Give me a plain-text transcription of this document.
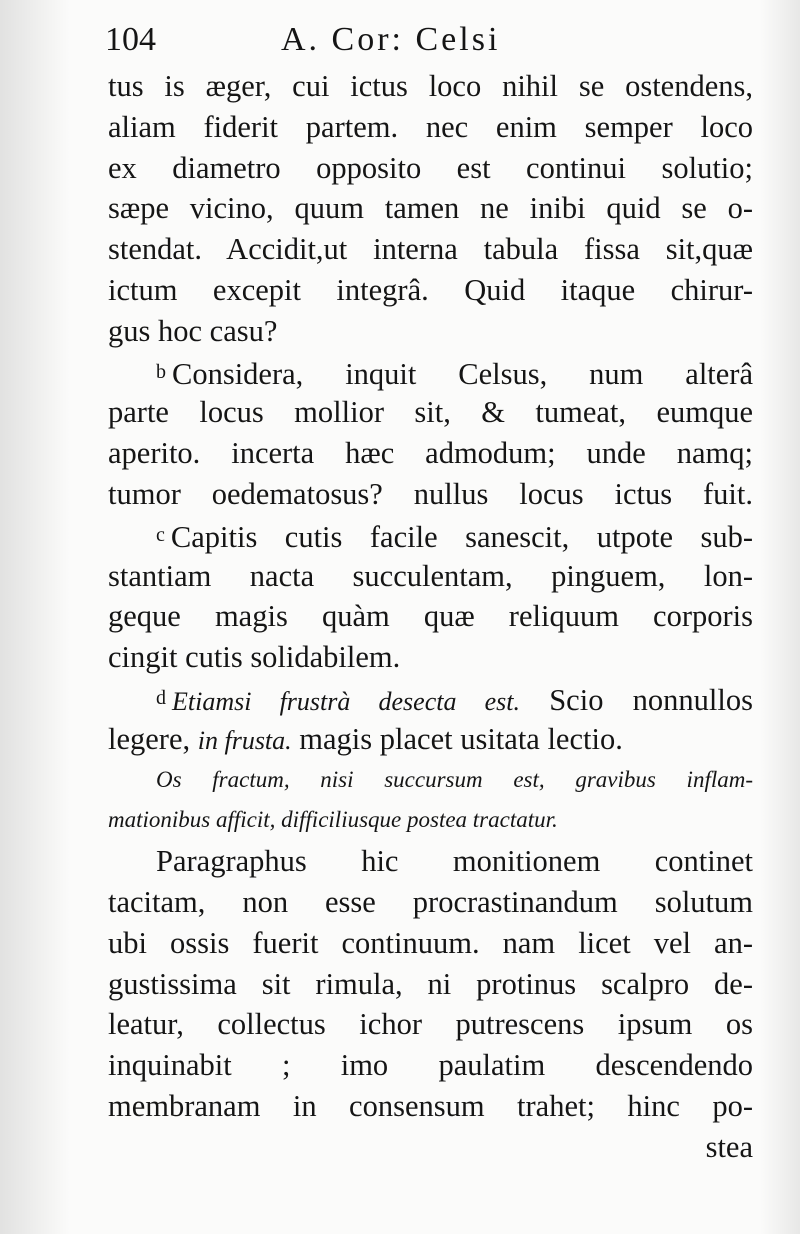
104	A. Cor: Celsi
tus is æger, cui ictus loco nihil se ostendens,
aliam fiderit partem. nec enim semper loco
ex diametro opposito est continui solutio;
sæpe vicino, quum tamen ne inibi quid se o-
stendat. Accidit,ut interna tabula fissa sit,quæ
ictum excepit integrâ. Quid itaque chirur-
gus hoc casu?
b Considera, inquit Celsus, num alterâ
parte locus mollior sit, & tumeat, eumque
aperito. incerta hæc admodum; unde namq;
tumor oedematosus? nullus locus ictus fuit.
c Capitis cutis facile sanescit, utpote sub-
stantiam nacta succulentam, pinguem, lon-
geque magis quàm quæ reliquum corporis
cingit cutis solidabilem.
d Etiamsi frustrà desecta est. Scio nonnullos
legere, in frusta. magis placet usitata lectio.
Os fractum, nisi succursum est, gravibus inflam-
mationibus afficit, difficiliusque postea tractatur.
Paragraphus hic monitionem continet
tacitam, non esse procrastinandum solutum
ubi ossis fuerit continuum. nam licet vel an-
gustissima sit rimula, ni protinus scalpro de-
leatur, collectus ichor putrescens ipsum os
inquinabit ; imo paulatim descendendo
membranam in consensum trahet; hinc po-
stea
